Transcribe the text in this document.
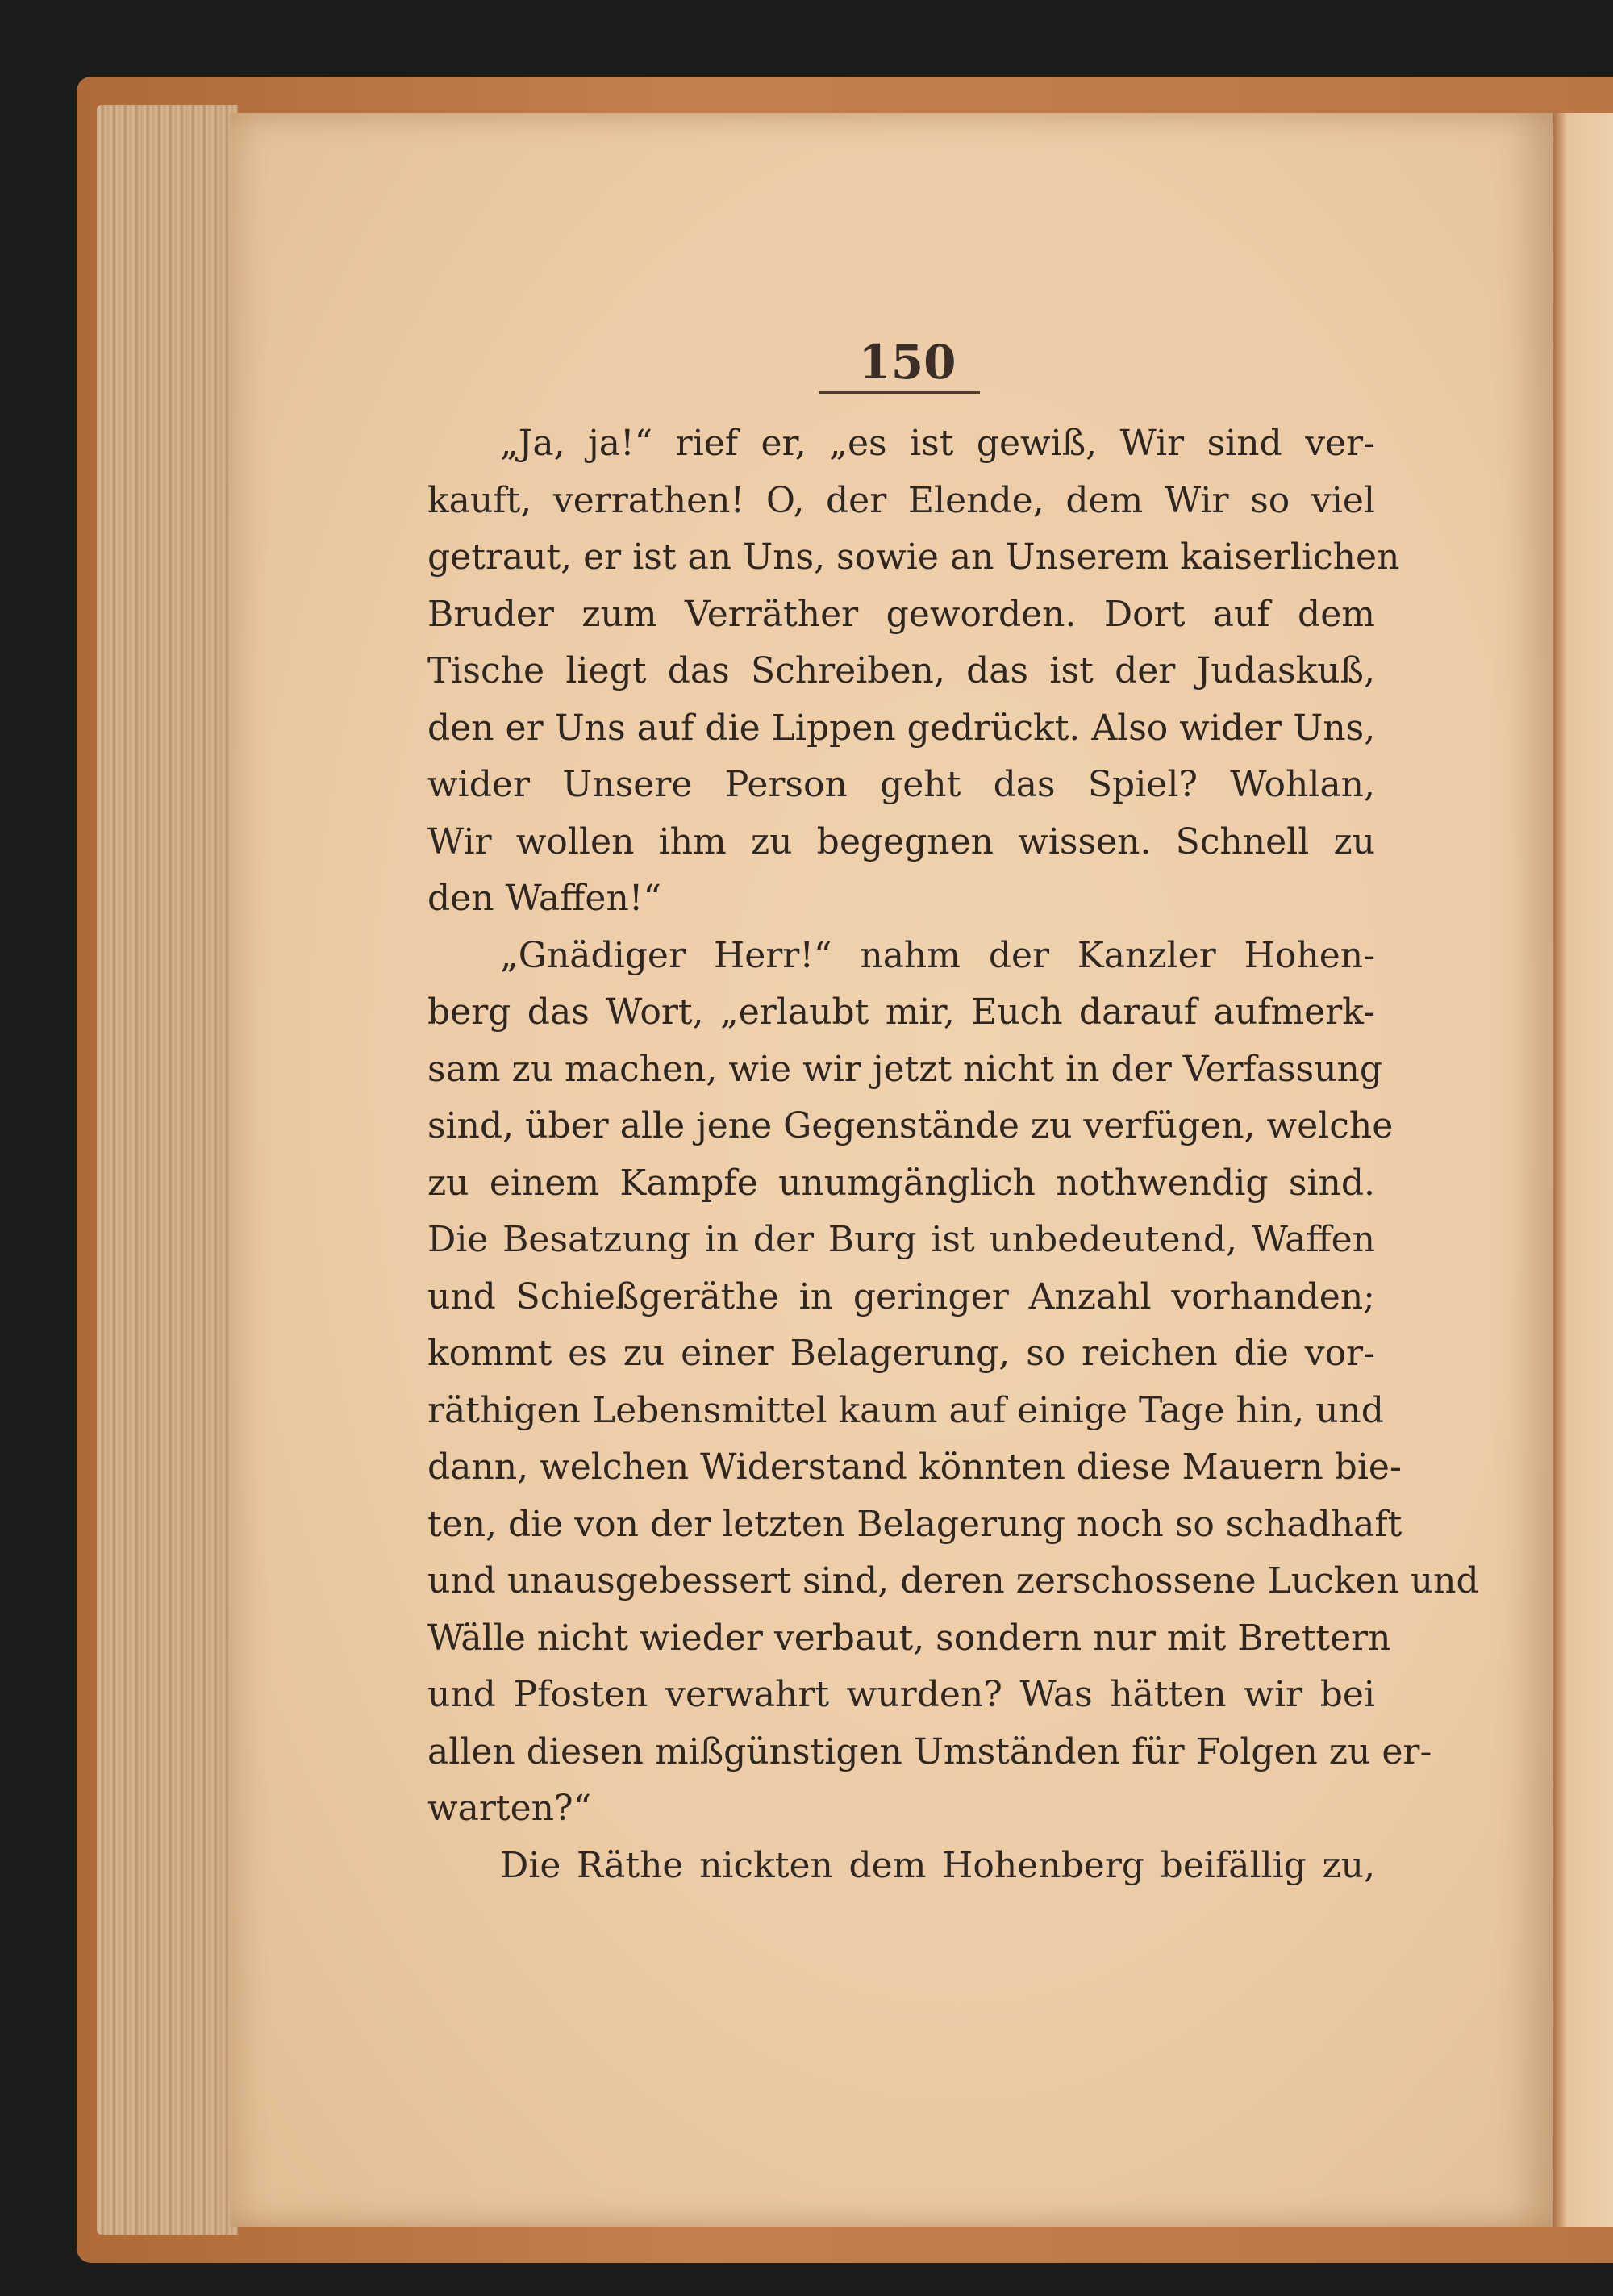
150
„Ja, ja!“ rief er, „es ist gewiß, Wir sind ver-
kauft, verrathen! O, der Elende, dem Wir so viel
getraut, er ist an Uns, sowie an Unserem kaiserlichen
Bruder zum Verräther geworden. Dort auf dem
Tische liegt das Schreiben, das ist der Judaskuß,
den er Uns auf die Lippen gedrückt. Also wider Uns,
wider Unsere Person geht das Spiel? Wohlan,
Wir wollen ihm zu begegnen wissen. Schnell zu
den Waffen!“
„Gnädiger Herr!“ nahm der Kanzler Hohen-
berg das Wort, „erlaubt mir, Euch darauf aufmerk-
sam zu machen, wie wir jetzt nicht in der Verfassung
sind, über alle jene Gegenstände zu verfügen, welche
zu einem Kampfe unumgänglich nothwendig sind.
Die Besatzung in der Burg ist unbedeutend, Waffen
und Schießgeräthe in geringer Anzahl vorhanden;
kommt es zu einer Belagerung, so reichen die vor-
räthigen Lebensmittel kaum auf einige Tage hin, und
dann, welchen Widerstand könnten diese Mauern bie-
ten, die von der letzten Belagerung noch so schadhaft
und unausgebessert sind, deren zerschossene Lucken und
Wälle nicht wieder verbaut, sondern nur mit Brettern
und Pfosten verwahrt wurden? Was hätten wir bei
allen diesen mißgünstigen Umständen für Folgen zu er-
warten?“
Die Räthe nickten dem Hohenberg beifällig zu,
